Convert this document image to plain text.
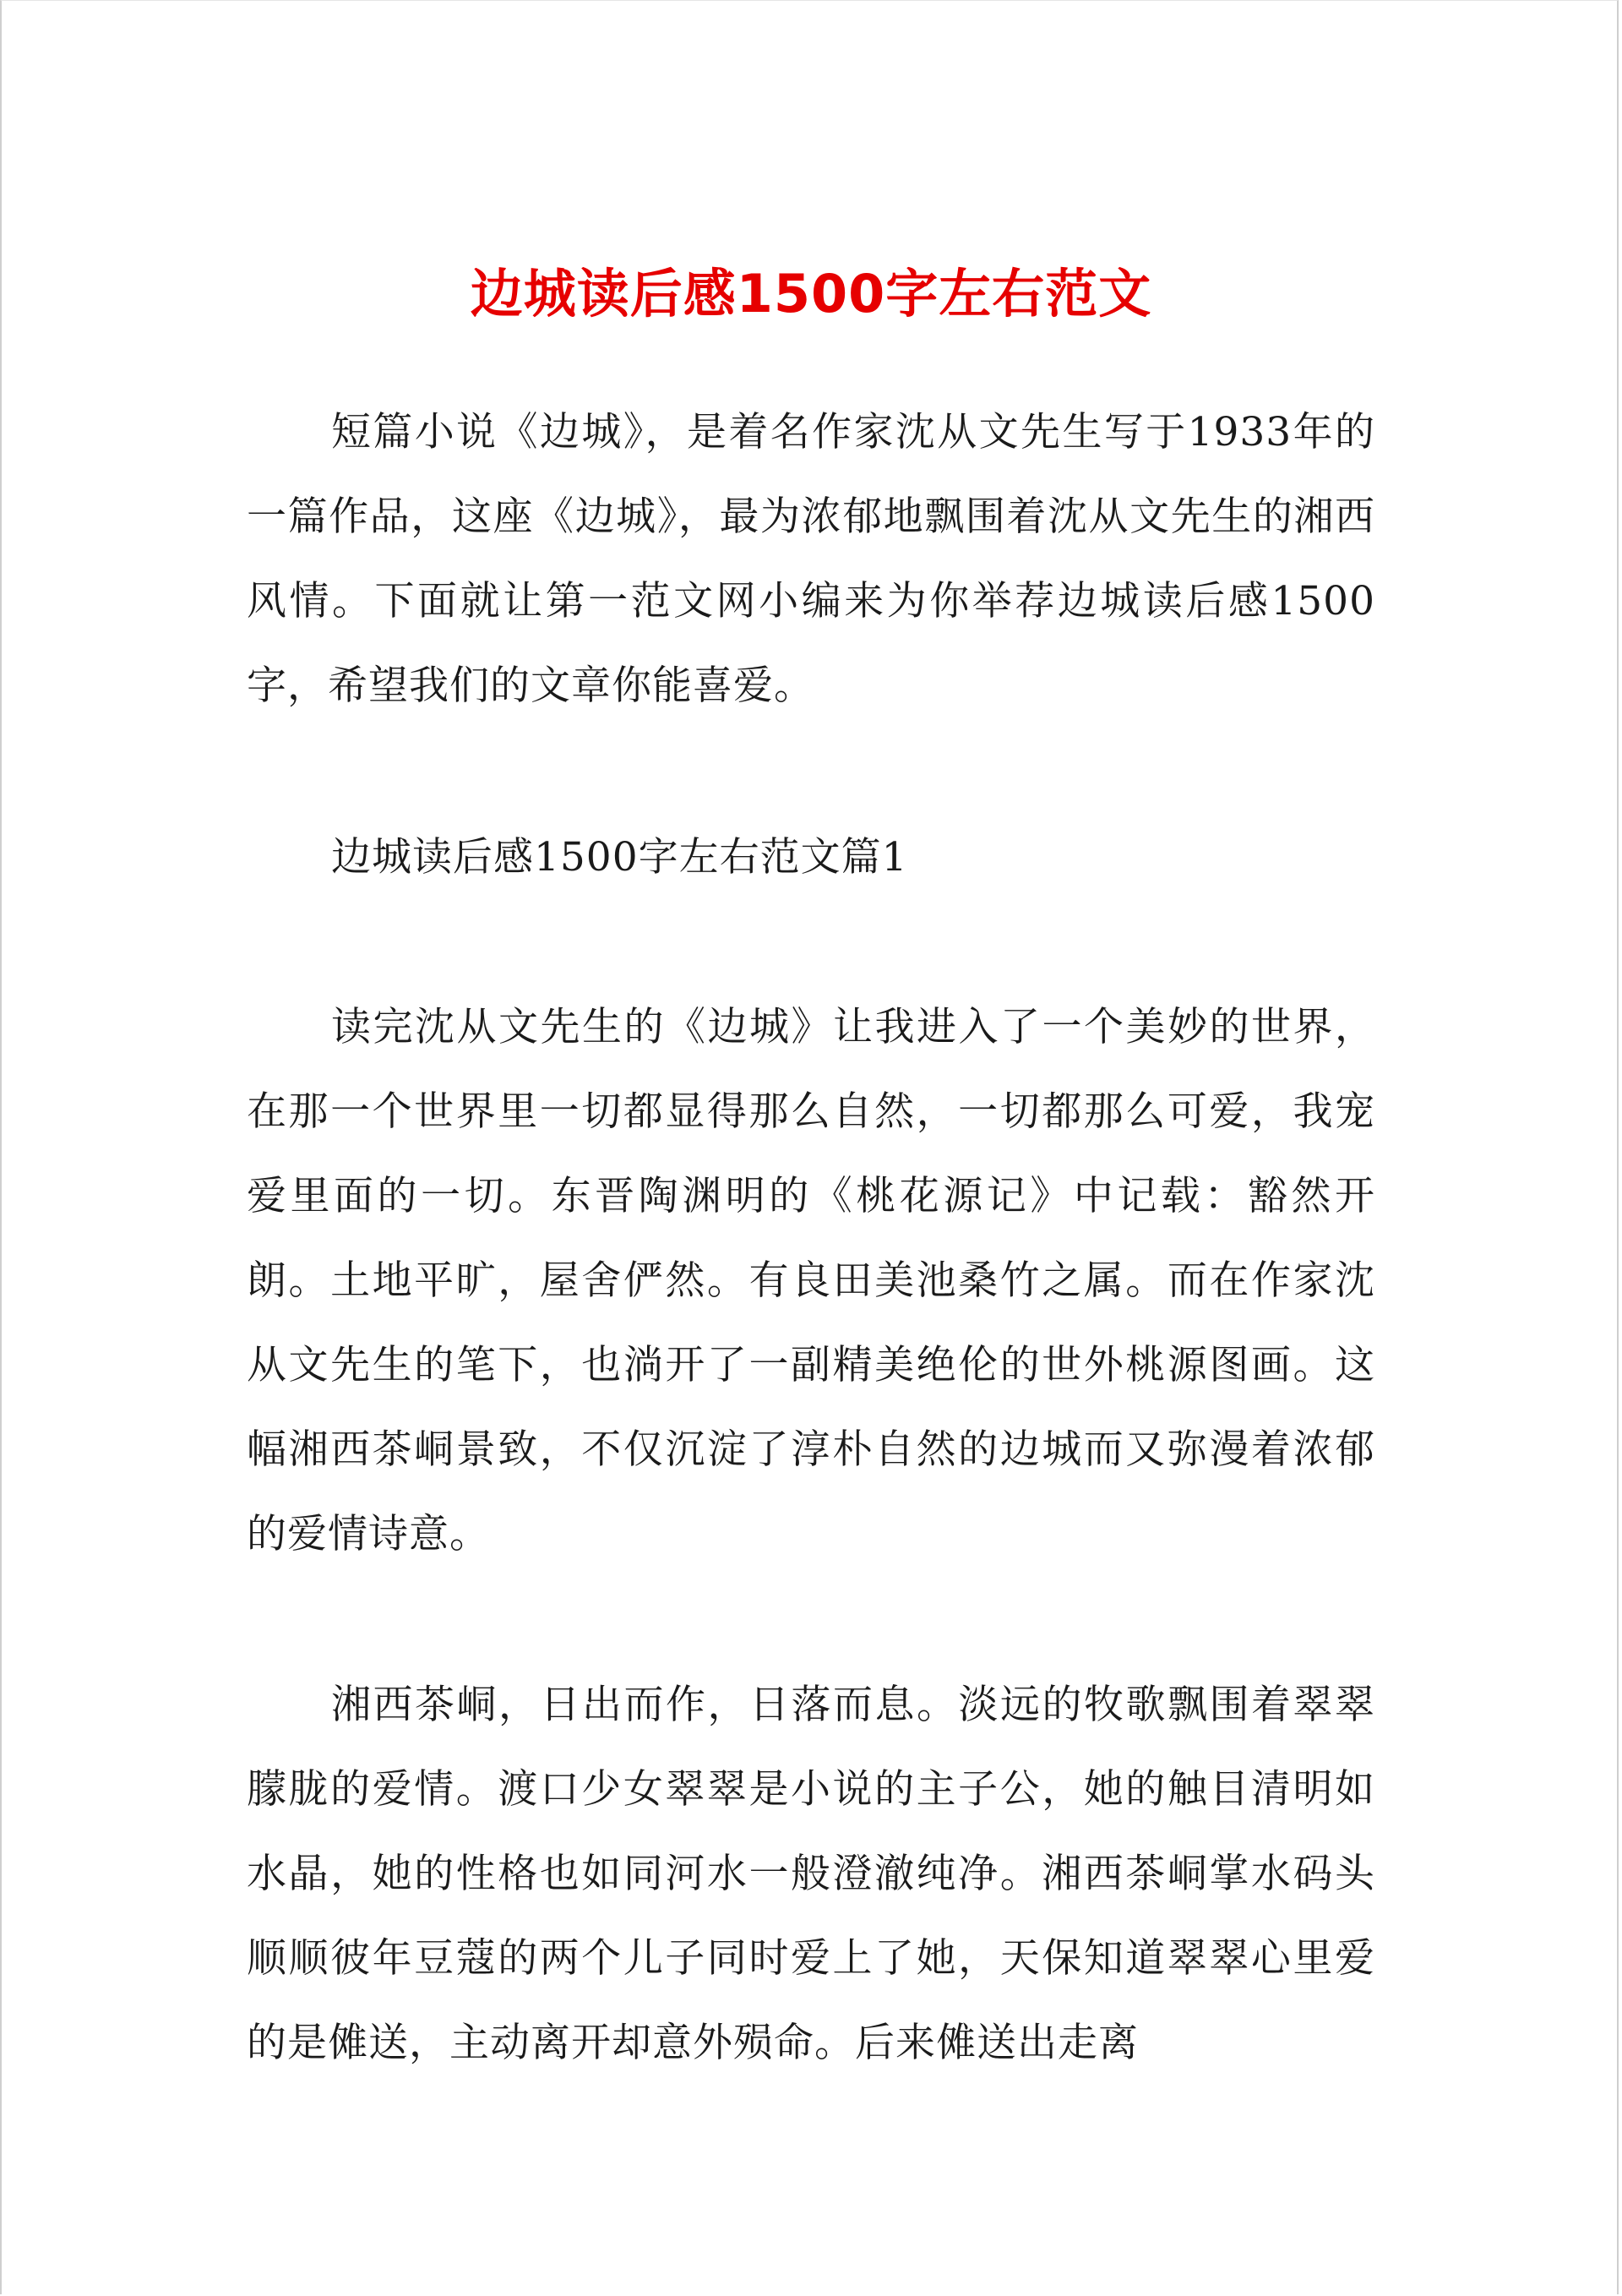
边城读后感1500字左右范文

短篇小说《边城》，是着名作家沈从文先生写于1933年的一篇作品，这座《边城》，最为浓郁地飘围着沈从文先生的湘西风情。下面就让第一范文网小编来为你举荐边城读后感1500字，希望我们的文章你能喜爱。

边城读后感1500字左右范文篇1

读完沈从文先生的《边城》让我进入了一个美妙的世界，在那一个世界里一切都显得那么自然，一切都那么可爱，我宠爱里面的一切。东晋陶渊明的《桃花源记》中记载：豁然开朗。土地平旷，屋舍俨然。有良田美池桑竹之属。而在作家沈从文先生的笔下，也淌开了一副精美绝伦的世外桃源图画。这幅湘西茶峒景致，不仅沉淀了淳朴自然的边城而又弥漫着浓郁的爱情诗意。

湘西茶峒，日出而作，日落而息。淡远的牧歌飘围着翠翠朦胧的爱情。渡口少女翠翠是小说的主子公，她的触目清明如水晶，她的性格也如同河水一般澄澈纯净。湘西茶峒掌水码头顺顺彼年豆蔻的两个儿子同时爱上了她，天保知道翠翠心里爱的是傩送，主动离开却意外殒命。后来傩送出走离
